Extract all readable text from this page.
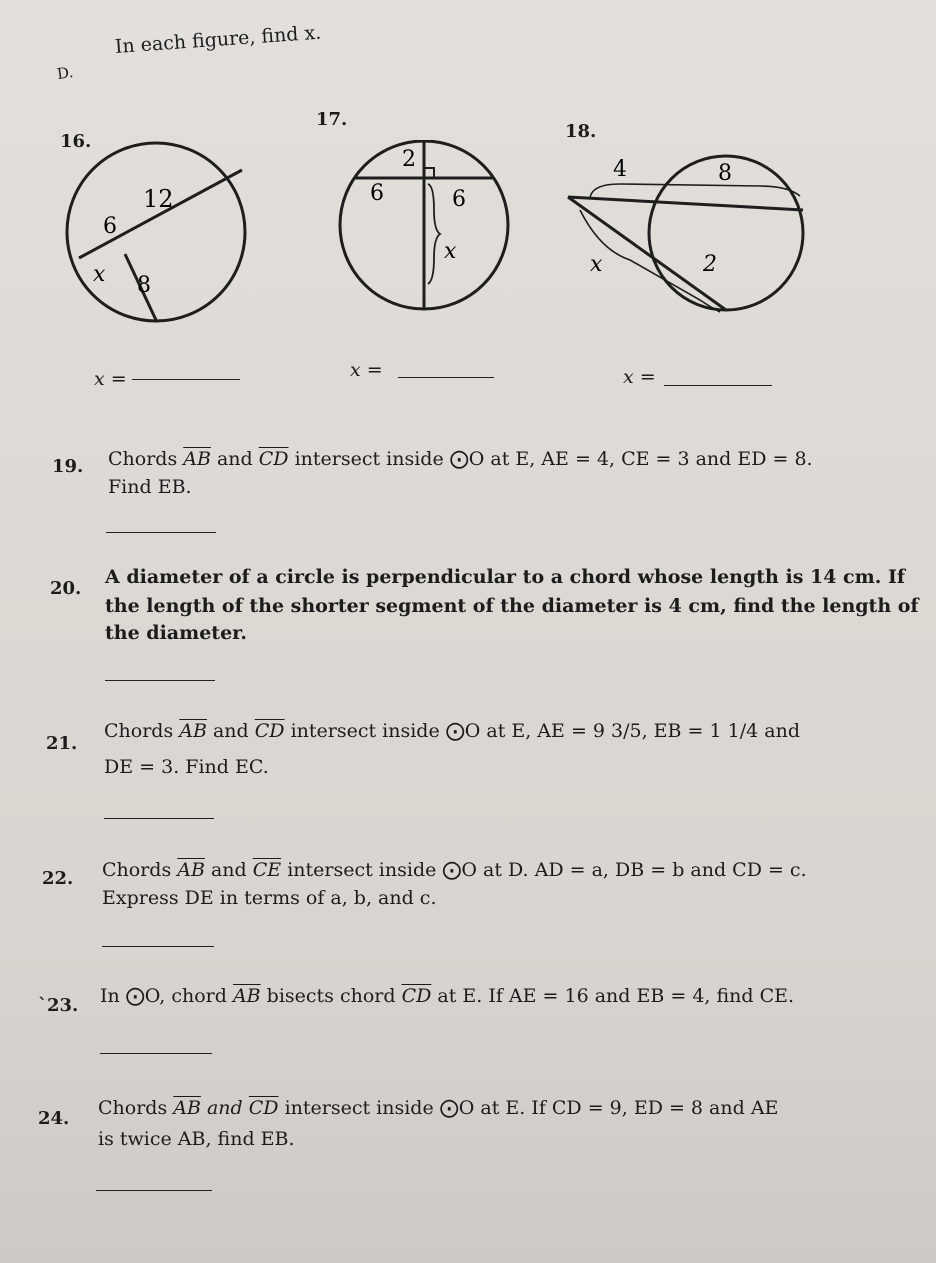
D.
In each figure, find x.
16.
17.
18.
12
6
x 8
2
6	6
x
4	8
x	2
x =	x =	x =
19. Chords $\overline{AB}$ and $\overline{CD}$ intersect inside ⨀O at E, AE = 4, CE = 3 and ED = 8.
Find EB.
20.
A diameter of a circle is perpendicular to a chord whose length is 14 cm. If
the length of the shorter segment of the diameter is 4 cm, find the length of
the diameter.
21.
Chords $\overline{AB}$ and $\overline{CD}$ intersect inside ⨀O at E, AE = 9 3/5, EB = 1 1/4 and
DE = 3. Find EC.
22. Chords $\overline{AB}$ and $\overline{CE}$ intersect inside ⨀O at D. AD = a, DB = b and CD = c.
Express DE in terms of a, b, and c.
`23. In ⨀O, chord $\overline{AB}$ bisects chord $\overline{CD}$ at E. If AE = 16 and EB = 4, find CE.
24. Chords $\overline{AB}$ and $\overline{CD}$ intersect inside ⨀O at E. If CD = 9, ED = 8 and AE
is twice AB, find EB.
